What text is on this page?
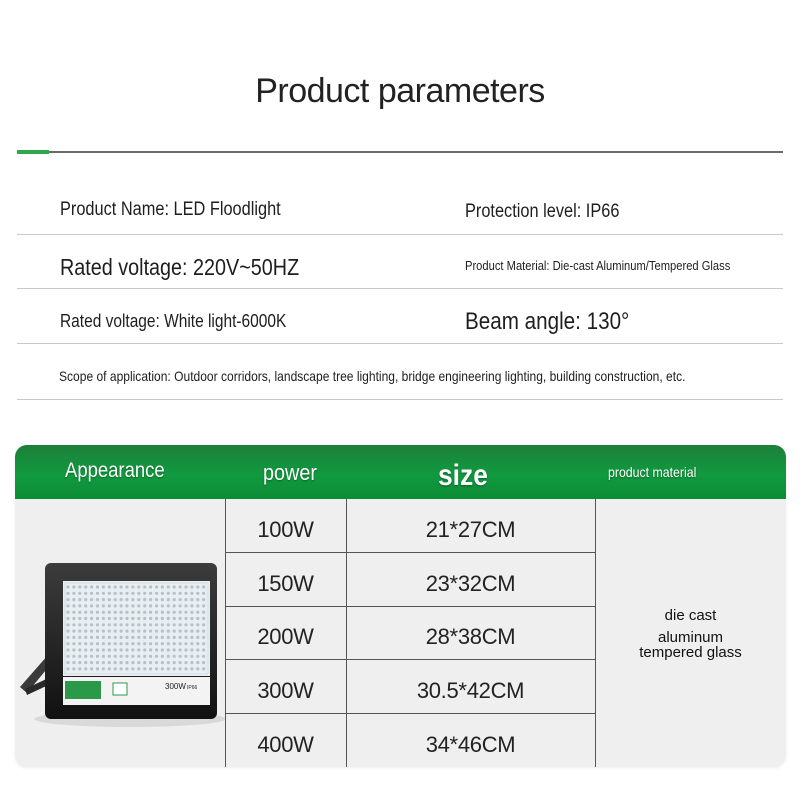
Product parameters
Product Name: LED Floodlight	Protection level: IP66
Rated voltage: 220V~50HZ	Product Material: Die-cast Aluminum/Tempered Glass
Rated voltage: White light-6000K	Beam angle: 130°
Scope of application: Outdoor corridors, landscape tree lighting, bridge engineering lighting, building construction, etc.
Appearance	power	size	product material
300W IP66
100W	21*27CM
150W	23*32CM
200W	28*38CM
300W	30.5*42CM
400W	34*46CM
die cast
aluminum
tempered glass
